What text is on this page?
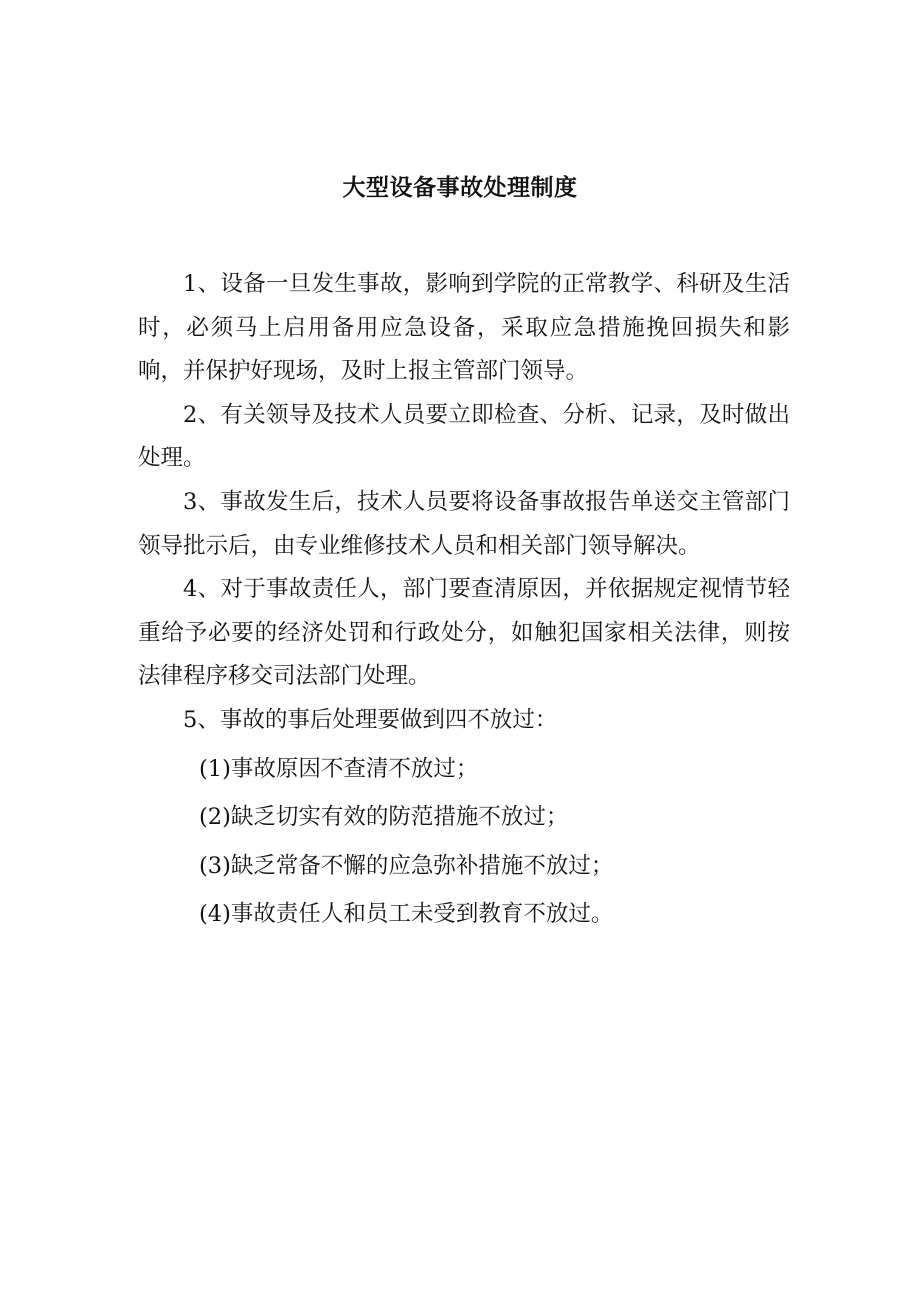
大型设备事故处理制度

1、设备一旦发生事故，影响到学院的正常教学、科研及生活时，必须马上启用备用应急设备，采取应急措施挽回损失和影响，并保护好现场，及时上报主管部门领导。

2、有关领导及技术人员要立即检查、分析、记录，及时做出处理。

3、事故发生后，技术人员要将设备事故报告单送交主管部门领导批示后，由专业维修技术人员和相关部门领导解决。

4、对于事故责任人，部门要查清原因，并依据规定视情节轻重给予必要的经济处罚和行政处分，如触犯国家相关法律，则按法律程序移交司法部门处理。

5、事故的事后处理要做到四不放过：

(1)事故原因不查清不放过；

(2)缺乏切实有效的防范措施不放过；

(3)缺乏常备不懈的应急弥补措施不放过；

(4)事故责任人和员工未受到教育不放过。
